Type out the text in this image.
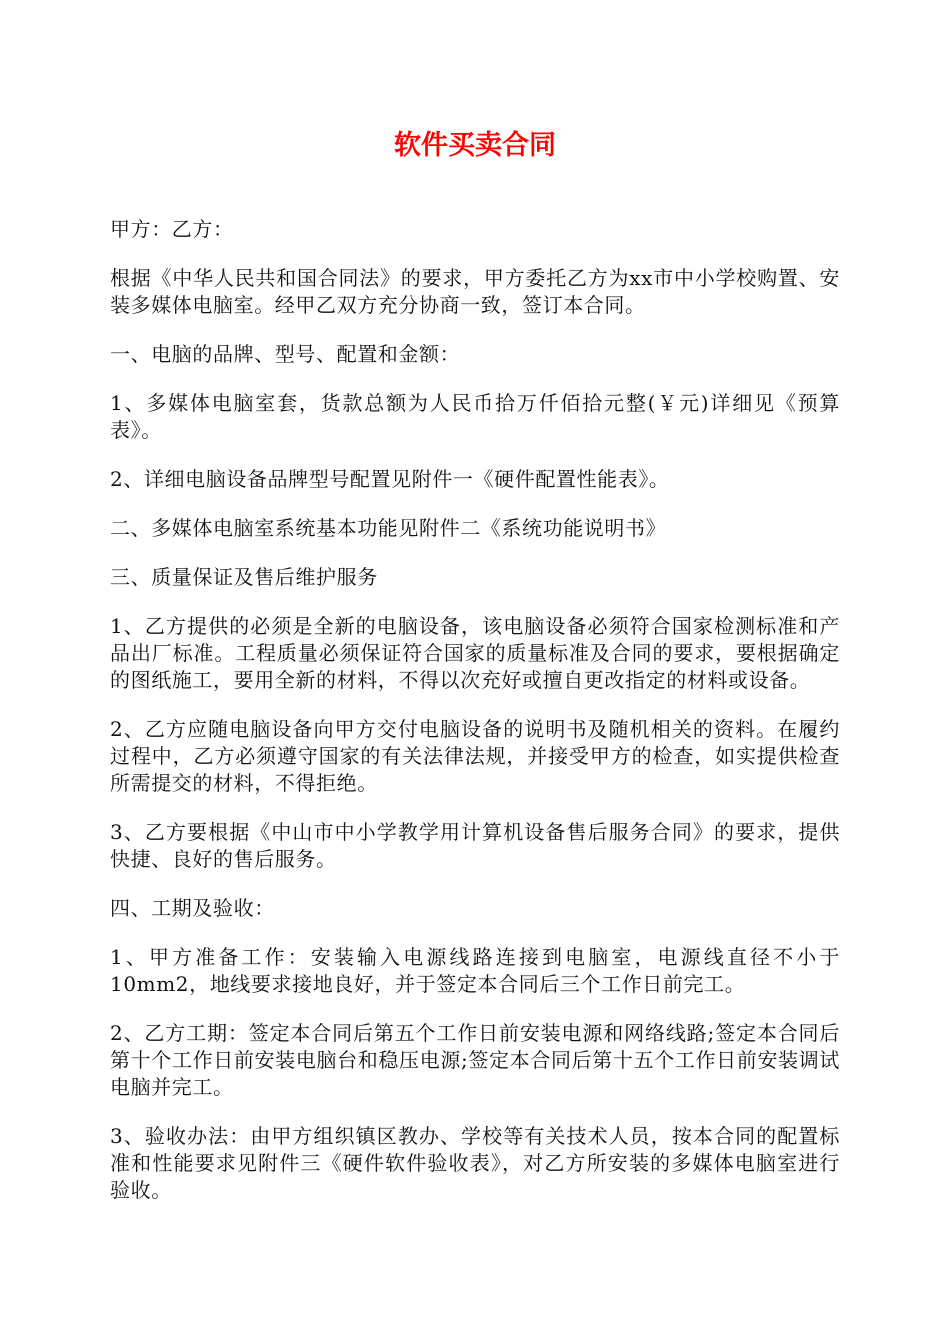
软件买卖合同

甲方：乙方：

根据《中华人民共和国合同法》的要求，甲方委托乙方为xx市中小学校购置、安装多媒体电脑室。经甲乙双方充分协商一致，签订本合同。

一、电脑的品牌、型号、配置和金额：

1、多媒体电脑室套，货款总额为人民币拾万仟佰拾元整(￥元)详细见《预算表》。

2、详细电脑设备品牌型号配置见附件一《硬件配置性能表》。

二、多媒体电脑室系统基本功能见附件二《系统功能说明书》

三、质量保证及售后维护服务

1、乙方提供的必须是全新的电脑设备，该电脑设备必须符合国家检测标准和产品出厂标准。工程质量必须保证符合国家的质量标准及合同的要求，要根据确定的图纸施工，要用全新的材料，不得以次充好或擅自更改指定的材料或设备。

2、乙方应随电脑设备向甲方交付电脑设备的说明书及随机相关的资料。在履约过程中，乙方必须遵守国家的有关法律法规，并接受甲方的检查，如实提供检查所需提交的材料，不得拒绝。

3、乙方要根据《中山市中小学教学用计算机设备售后服务合同》的要求，提供快捷、良好的售后服务。

四、工期及验收：

1、甲方准备工作：安装输入电源线路连接到电脑室，电源线直径不小于10mm2，地线要求接地良好，并于签定本合同后三个工作日前完工。

2、乙方工期：签定本合同后第五个工作日前安装电源和网络线路;签定本合同后第十个工作日前安装电脑台和稳压电源;签定本合同后第十五个工作日前安装调试电脑并完工。

3、验收办法：由甲方组织镇区教办、学校等有关技术人员，按本合同的配置标准和性能要求见附件三《硬件软件验收表》，对乙方所安装的多媒体电脑室进行验收。
